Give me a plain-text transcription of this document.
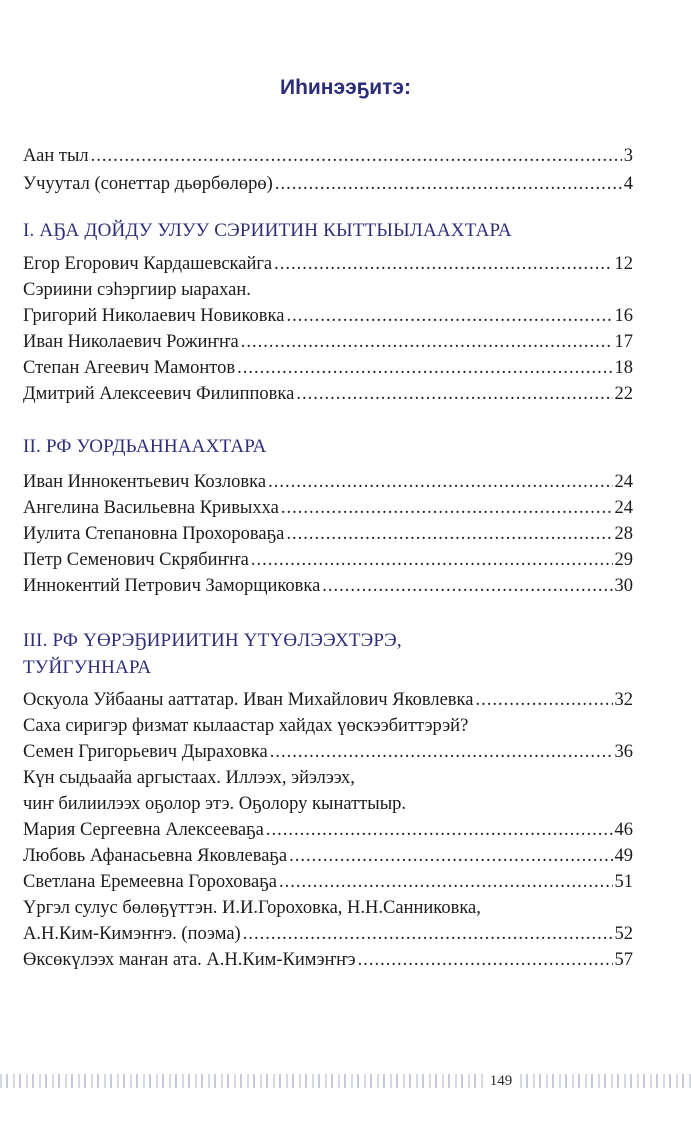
Иhинээҕитэ:
Аан тыл .....	3
Учуутал (сонеттар дьөрбөлөрө) .....	4
I. АҔА ДОЙДУ УЛУУ СЭРИИТИН КЫТТЫЫЛААХТАРА
Егор Егорович Кардашевскайга .....	12
Сэриини сэhэргиир ыарахан.
Григорий Николаевич Новиковка .....	16
Иван Николаевич Рожиҥҥа .....	17
Степан Агеевич Мамонтов .....	18
Дмитрий Алексеевич Филипповка .....	22
II. РФ УОРДЬАННААХТАРА
Иван Иннокентьевич Козловка .....	24
Ангелина Васильевна Кривыхха .....	24
Иулита Степановна Прохороваҕа .....	28
Петр Семенович Скрябиҥҥа .....	29
Иннокентий Петрович Заморщиковка .....	30
III. РФ ҮӨРЭҔИРИИТИН ҮТҮӨЛЭЭХТЭРЭ,
ТУЙГУННАРА
Оскуола Уйбааны ааттатар. Иван Михайлович Яковлевка .....	32
Саха сиригэр физмат кылаастар хайдах үөскээбиттэрэй?
Семен Григорьевич Дыраховка .....	36
Күн сыдьаайа аргыстаах. Иллээх, эйэлээх,
чиҥ билиилээх оҕолор этэ. Оҕолору кынаттыыр.
Мария Сергеевна Алексееваҕа .....	46
Любовь Афанасьевна Яковлеваҕа .....	49
Светлана Еремеевна Гороховаҕа .....	51
Үргэл сулус бөлөҕүттэн. И.И.Гороховка, Н.Н.Санниковка,
А.Н.Ким-Кимэҥҥэ. (поэма) .....	52
Өксөкүлээх маҥан ата. А.Н.Ким-Кимэҥҥэ .....	57
149
